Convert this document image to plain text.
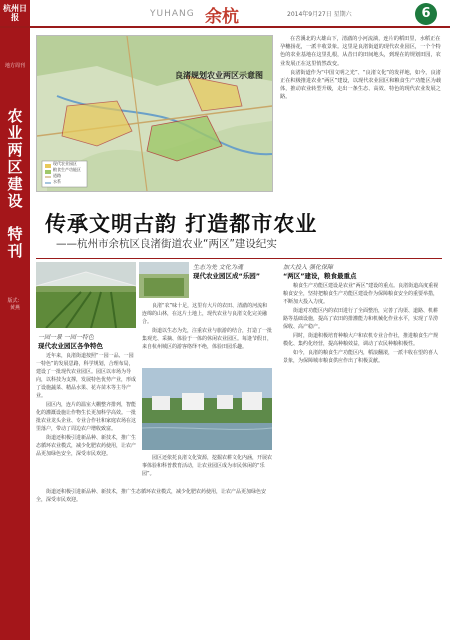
杭州日报
地方周刊
农业两区建设
特刊
版式：黄燕
YUHANG 余杭	2014年9月27日 星期六	6
现代农业园区
粮食生产功能区
道路
水系
良渚规划农业两区示意图

在苕溪北的大雄山下，清澈的小河流淌，连片的稻田里，水稻正在孕穗扬花，一派丰收景象。这里是良渚街道的现代农业园区，一个个特色的农业基地在这里扎根，从昔日的田间地头，到现在的规划田园，农业发展正在这里悄然改变。

良渚街道作为“中国文明之光”、“良渚文化”的发祥地，如今，良渚正在积极推进农业“两区”建设，以现代农业园区和粮食生产功能区为载体，推动农业转型升级，走出一条生态、高效、特色的现代农业发展之路。

传承文明古韵 打造都市农业
——杭州市余杭区良渚街道农业“两区”建设纪实
一园一景 一园一特色
现代农业园区各争特色

近年来，良渚街道按照“一园一品、一园一特色”的发展思路，科学规划，合理布局，建设了一批现代农业园区。园区以市场为导向，以科技为支撑，发展特色优势产业，形成了设施蔬菜、精品水果、花卉苗木等主导产业。

园区内，连片的温室大棚整齐排列，智能化的灌溉设施让作物生长更加科学高效。一批批农业龙头企业、专业合作社和家庭农场在这里落户，带动了周边农户增收致富。

街道还积极引进新品种、新技术，推广生态循环农业模式，减少化肥农药使用，让农产品更加绿色安全，深受市民欢迎。

生态为先 文化为魂
现代农业园区成“乐园”

良渚“农”味十足，这里有大片的农田、清澈的河流和连绵的山林，在这片土地上，现代农业与良渚文化完美融合。

街道以生态为先，注重农业与旅游的结合，打造了一批集观光、采摘、体验于一体的休闲农业园区。每逢节假日，来自杭州城区的游客络绎不绝，体验田园乐趣。

园区还依托良渚文化资源，挖掘农耕文化内涵，开展农事体验和科普教育活动，让农业园区成为市民休闲的“乐园”。

街道还积极引进新品种、新技术，推广生态循环农业模式，减少化肥农药使用，让农产品更加绿色安全，深受市民欢迎。

加大投入 强化保障
“两区”建设，粮食最重点

粮食生产功能区建设是农业“两区”建设的重点。良渚街道高度重视粮食安全，坚持把粮食生产功能区建设作为保障粮食安全的重要举措，不断加大投入力度。

街道对功能区内的农田进行了全面整治，完善了沟渠、道路、机耕路等基础设施，提高了农田的排灌能力和机械化作业水平，实现了旱涝保收、高产稳产。

同时，街道积极培育种粮大户和农机专业合作社，推进粮食生产规模化、集约化经营，提高种粮效益，调动了农民种粮积极性。

如今，良渚的粮食生产功能区内，稻浪翻滚，一派丰收在望的喜人景象，为保障城市粮食供应作出了积极贡献。
